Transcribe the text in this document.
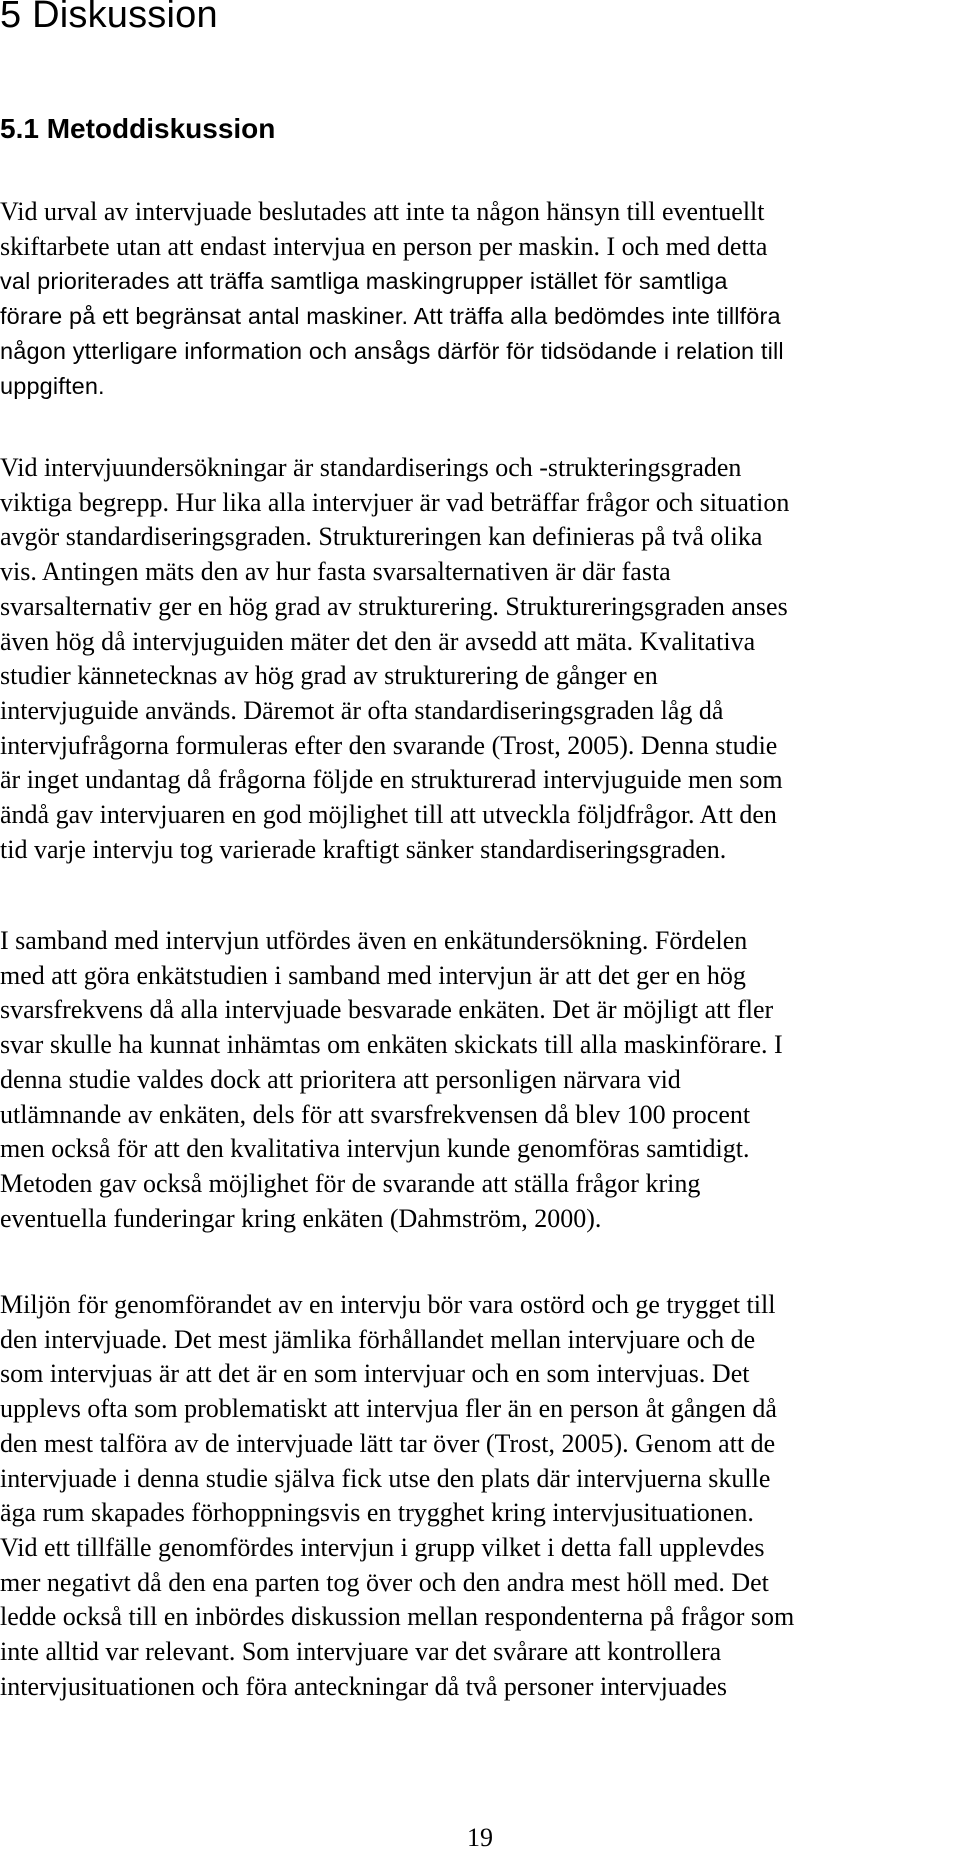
5 Diskussion
5.1 Metoddiskussion

Vid urval av intervjuade beslutades att inte ta någon hänsyn till eventuellt
skiftarbete utan att endast intervjua en person per maskin. I och med detta
val prioriterades att träffa samtliga maskingrupper istället för samtliga
förare på ett begränsat antal maskiner. Att träffa alla bedömdes inte tillföra
någon ytterligare information och ansågs därför för tidsödande i relation till
uppgiften.

Vid intervjuundersökningar är standardiserings och -strukteringsgraden
viktiga begrepp. Hur lika alla intervjuer är vad beträffar frågor och situation
avgör standardiseringsgraden. Struktureringen kan definieras på två olika
vis. Antingen mäts den av hur fasta svarsalternativen är där fasta
svarsalternativ ger en hög grad av strukturering. Struktureringsgraden anses
även hög då intervjuguiden mäter det den är avsedd att mäta. Kvalitativa
studier kännetecknas av hög grad av strukturering de gånger en
intervjuguide används. Däremot är ofta standardiseringsgraden låg då
intervjufrågorna formuleras efter den svarande (Trost, 2005). Denna studie
är inget undantag då frågorna följde en strukturerad intervjuguide men som
ändå gav intervjuaren en god möjlighet till att utveckla följdfrågor. Att den
tid varje intervju tog varierade kraftigt sänker standardiseringsgraden.

I samband med intervjun utfördes även en enkätundersökning. Fördelen
med att göra enkätstudien i samband med intervjun är att det ger en hög
svarsfrekvens då alla intervjuade besvarade enkäten. Det är möjligt att fler
svar skulle ha kunnat inhämtas om enkäten skickats till alla maskinförare. I
denna studie valdes dock att prioritera att personligen närvara vid
utlämnande av enkäten, dels för att svarsfrekvensen då blev 100 procent
men också för att den kvalitativa intervjun kunde genomföras samtidigt.
Metoden gav också möjlighet för de svarande att ställa frågor kring
eventuella funderingar kring enkäten (Dahmström, 2000).

Miljön för genomförandet av en intervju bör vara ostörd och ge trygget till
den intervjuade. Det mest jämlika förhållandet mellan intervjuare och de
som intervjuas är att det är en som intervjuar och en som intervjuas. Det
upplevs ofta som problematiskt att intervjua fler än en person åt gången då
den mest talföra av de intervjuade lätt tar över (Trost, 2005). Genom att de
intervjuade i denna studie själva fick utse den plats där intervjuerna skulle
äga rum skapades förhoppningsvis en trygghet kring intervjusituationen.
Vid ett tillfälle genomfördes intervjun i grupp vilket i detta fall upplevdes
mer negativt då den ena parten tog över och den andra mest höll med. Det
ledde också till en inbördes diskussion mellan respondenterna på frågor som
inte alltid var relevant. Som intervjuare var det svårare att kontrollera
intervjusituationen och föra anteckningar då två personer intervjuades

19
